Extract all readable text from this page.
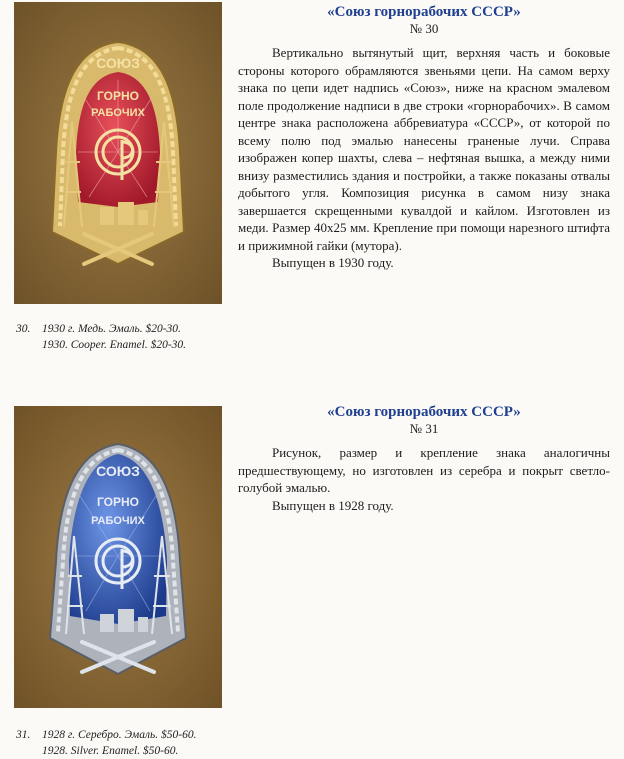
СОЮЗ
ГОРНО
РАБОЧИХ
30. 1930 г. Медь. Эмаль. $20-30.
1930. Cooper. Enamel. $20-30.
«Союз горнорабочих СССР»
№ 30

Вертикально вытянутый щит, верхняя часть и боковые стороны которого обрамляются звеньями цепи. На самом верху знака по цепи идет надпись «Союз», ниже на красном эмалевом поле продолжение надписи в две строки «горнорабочих». В самом центре знака расположена аббревиатура «СССР», от которой по всему полю под эмалью нанесены граненые лучи. Справа изображен копер шахты, слева – нефтяная вышка, а между ними внизу разместились здания и постройки, а также показаны отвалы добытого угля. Композиция рисунка в самом низу знака завершается скрещенными кувалдой и кайлом. Изготовлен из меди. Размер 40х25 мм. Крепление при помощи нарезного штифта и прижимной гайки (мутора).

Выпущен в 1930 году.

СОЮЗ
ГОРНО
РАБОЧИХ
31. 1928 г. Серебро. Эмаль. $50-60.
1928. Silver. Enamel. $50-60.
«Союз горнорабочих СССР»
№ 31

Рисунок, размер и крепление знака аналогичны предшествующему, но изготовлен из серебра и покрыт светло-голубой эмалью.

Выпущен в 1928 году.
